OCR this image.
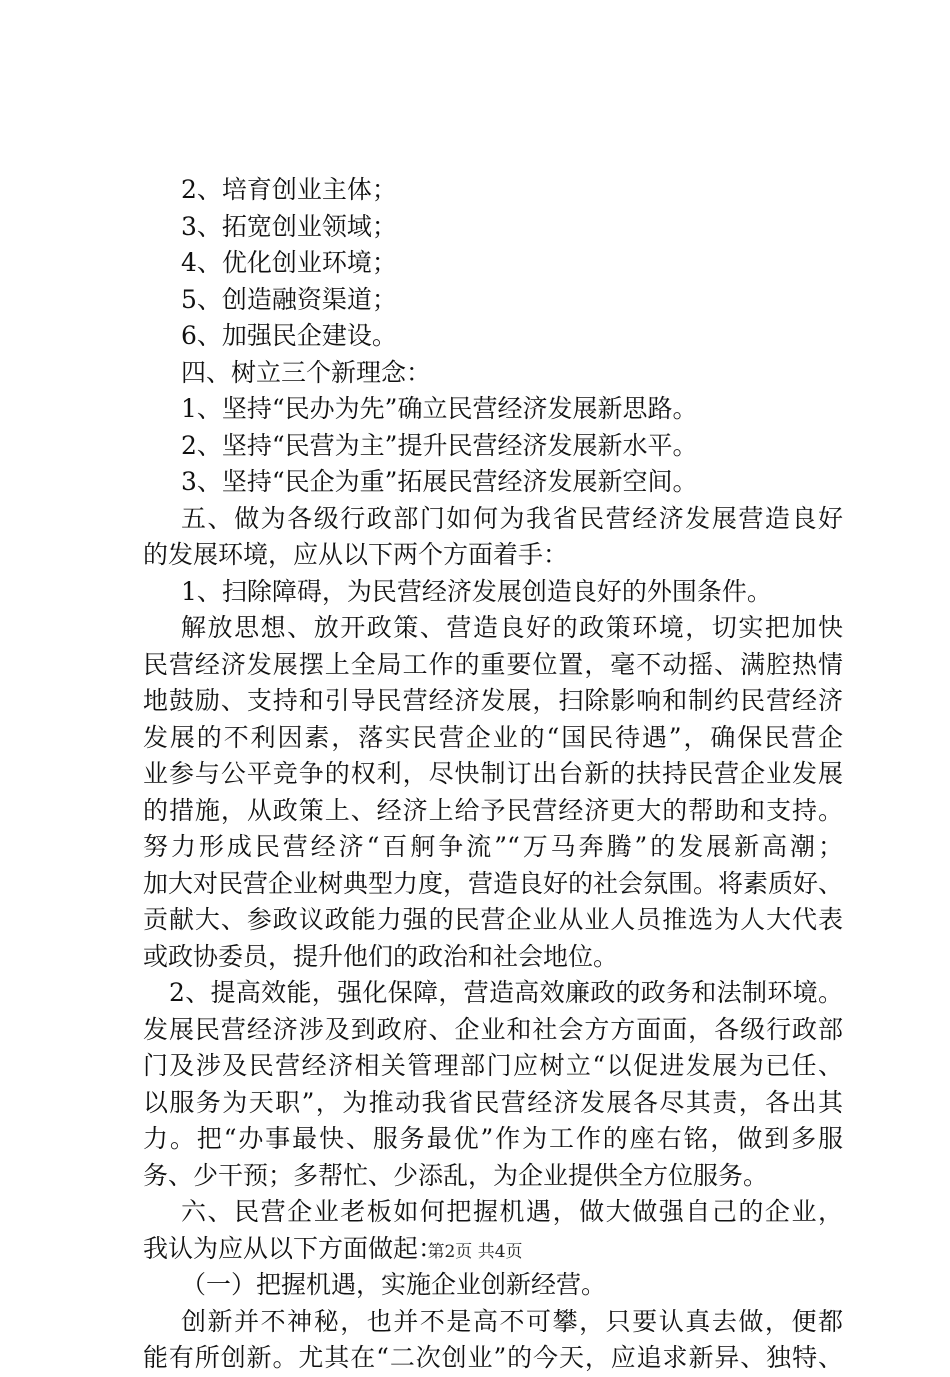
2、培育创业主体；
3、拓宽创业领域；
4、优化创业环境；
5、创造融资渠道；
6、加强民企建设。
四、树立三个新理念：
1、坚持“民办为先”确立民营经济发展新思路。
2、坚持“民营为主”提升民营经济发展新水平。
3、坚持“民企为重”拓展民营经济发展新空间。
五、做为各级行政部门如何为我省民营经济发展营造良好
的发展环境，应从以下两个方面着手：
1、扫除障碍，为民营经济发展创造良好的外围条件。
解放思想、放开政策、营造良好的政策环境，切实把加快
民营经济发展摆上全局工作的重要位置，毫不动摇、满腔热情
地鼓励、支持和引导民营经济发展，扫除影响和制约民营经济
发展的不利因素，落实民营企业的“国民待遇”，确保民营企
业参与公平竞争的权利，尽快制订出台新的扶持民营企业发展
的措施，从政策上、经济上给予民营经济更大的帮助和支持。
努力形成民营经济“百舸争流”“万马奔腾”的发展新高潮；
加大对民营企业树典型力度，营造良好的社会氛围。将素质好、
贡献大、参政议政能力强的民营企业从业人员推选为人大代表
或政协委员，提升他们的政治和社会地位。
2、提高效能，强化保障，营造高效廉政的政务和法制环境。
发展民营经济涉及到政府、企业和社会方方面面，各级行政部
门及涉及民营经济相关管理部门应树立“以促进发展为已任、
以服务为天职”，为推动我省民营经济发展各尽其责，各出其
力。把“办事最快、服务最优”作为工作的座右铭，做到多服
务、少干预；多帮忙、少添乱，为企业提供全方位服务。
六、民营企业老板如何把握机遇，做大做强自己的企业，
我认为应从以下方面做起：
（一）把握机遇，实施企业创新经营。
创新并不神秘，也并不是高不可攀，只要认真去做，便都
能有所创新。尤其在“二次创业”的今天，应追求新异、独特、
第2页 共4页
